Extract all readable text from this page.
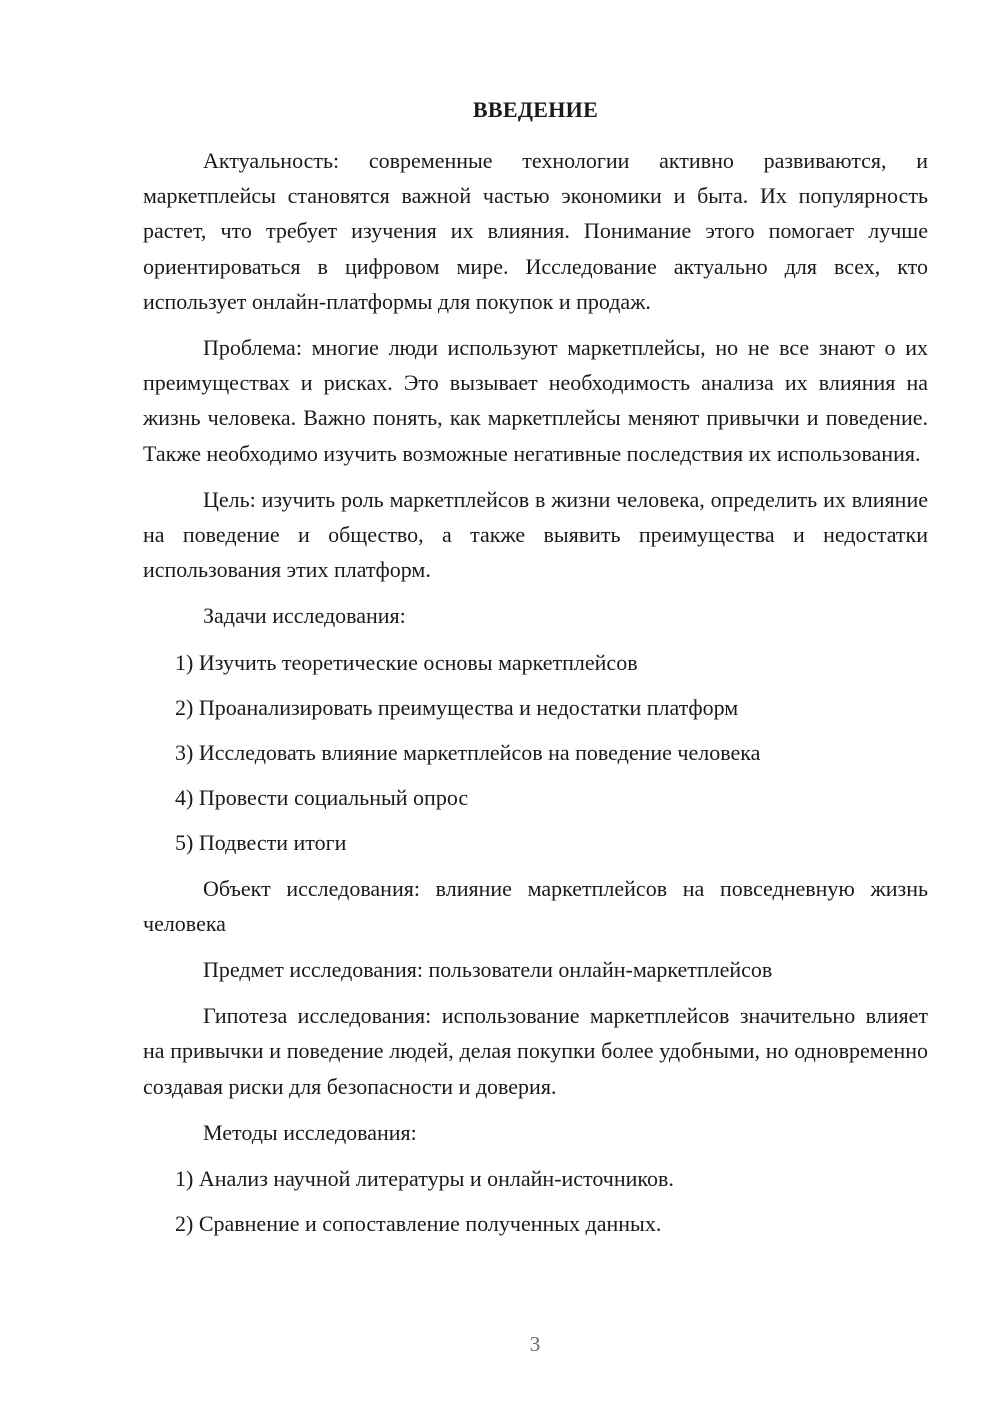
ВВЕДЕНИЕ

Актуальность: современные технологии активно развиваются, и маркетплейсы становятся важной частью экономики и быта. Их популярность растет, что требует изучения их влияния. Понимание этого помогает лучше ориентироваться в цифровом мире. Исследование актуально для всех, кто использует онлайн-платформы для покупок и продаж.

Проблема: многие люди используют маркетплейсы, но не все знают о их преимуществах и рисках. Это вызывает необходимость анализа их влияния на жизнь человека. Важно понять, как маркетплейсы меняют привычки и поведение. Также необходимо изучить возможные негативные последствия их использования.

Цель: изучить роль маркетплейсов в жизни человека, определить их влияние на поведение и общество, а также выявить преимущества и недостатки использования этих платформ.

Задачи исследования:

1) Изучить теоретические основы маркетплейсов

2) Проанализировать преимущества и недостатки платформ

3) Исследовать влияние маркетплейсов на поведение человека

4) Провести социальный опрос

5) Подвести итоги

Объект исследования: влияние маркетплейсов на повседневную жизнь человека

Предмет исследования: пользователи онлайн-маркетплейсов

Гипотеза исследования: использование маркетплейсов значительно влияет на привычки и поведение людей, делая покупки более удобными, но одновременно создавая риски для безопасности и доверия.

Методы исследования:

1) Анализ научной литературы и онлайн-источников.

2) Сравнение и сопоставление полученных данных.

3
